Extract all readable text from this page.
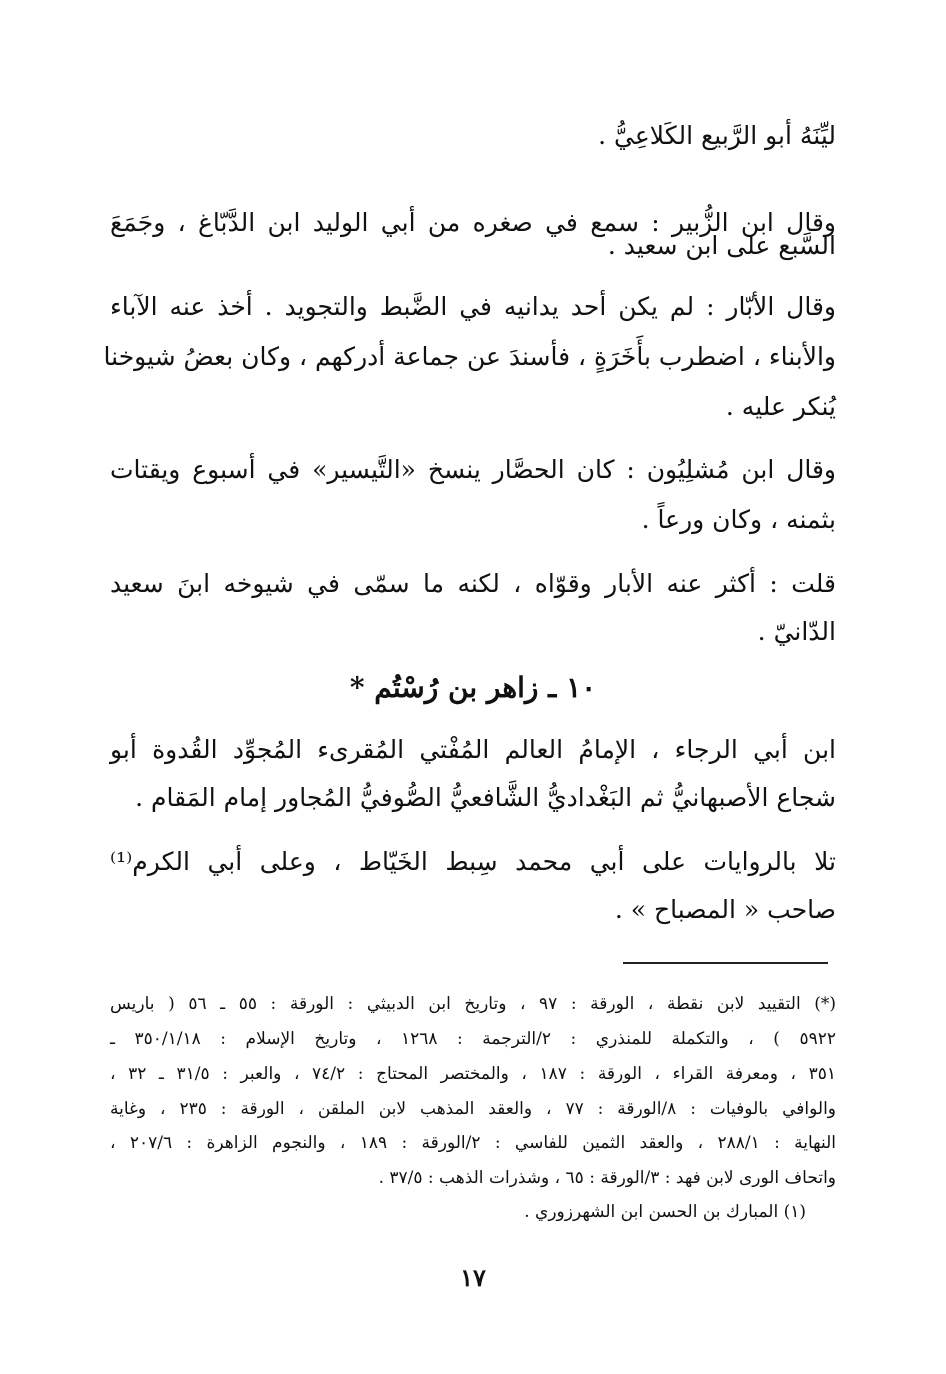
ليِّنَهُ أبو الرَّبيع الكَلاعِيُّ .
وقال ابن الزُّبير : سمع في صغره من أبي الوليد ابن الدَّبّاغ ، وجَمَعَ
السَّبع على ابن سعيد .
وقال الأبّار : لم يكن أحد يدانيه في الضَّبط والتجويد . أخذ عنه الآباء
والأبناء ، اضطرب بأَخَرَةٍ ، فأسندَ عن جماعة أدركهم ، وكان بعضُ شيوخنا
يُنكر عليه .
وقال ابن مُشلِيُون : كان الحصَّار ينسخ «التَّيسير» في أسبوع ويقتات
بثمنه ، وكان ورعاً .
قلت : أكثر عنه الأبار وقوّاه ، لكنه ما سمّى في شيوخه ابنَ سعيد
الدّانيّ .
١٠ ـ زاهر بن رُسْتُم *
ابن أبي الرجاء ، الإمامُ العالم المُفْتي المُقرىء المُجوِّد القُدوة أبو
شجاع الأصبهانيُّ ثم البَغْداديُّ الشَّافعيُّ الصُّوفيُّ المُجاور إمام المَقام .
تلا بالروايات على أبي محمد سِبط الخَيّاط ، وعلى أبي الكرم⁽¹⁾
صاحب « المصباح » .
(*) التقييد لابن نقطة ، الورقة : ٩٧ ، وتاريخ ابن الدبيثي : الورقة : ٥٥ ـ ٥٦ ( باريس
٥٩٢٢ ) ، والتكملة للمنذري : ٢/الترجمة : ١٢٦٨ ، وتاريخ الإسلام : ٣٥٠/١/١٨ ـ
٣٥١ ، ومعرفة القراء ، الورقة : ١٨٧ ، والمختصر المحتاج : ٧٤/٢ ، والعبر : ٣١/٥ ـ ٣٢ ،
والوافي بالوفيات : ٨/الورقة : ٧٧ ، والعقد المذهب لابن الملقن ، الورقة : ٢٣٥ ، وغاية
النهاية : ٢٨٨/١ ، والعقد الثمين للفاسي : ٢/الورقة : ١٨٩ ، والنجوم الزاهرة : ٢٠٧/٦ ،
واتحاف الورى لابن فهد : ٣/الورقة : ٦٥ ، وشذرات الذهب : ٣٧/٥ .
(١) المبارك بن الحسن ابن الشهرزوري .
١٧
